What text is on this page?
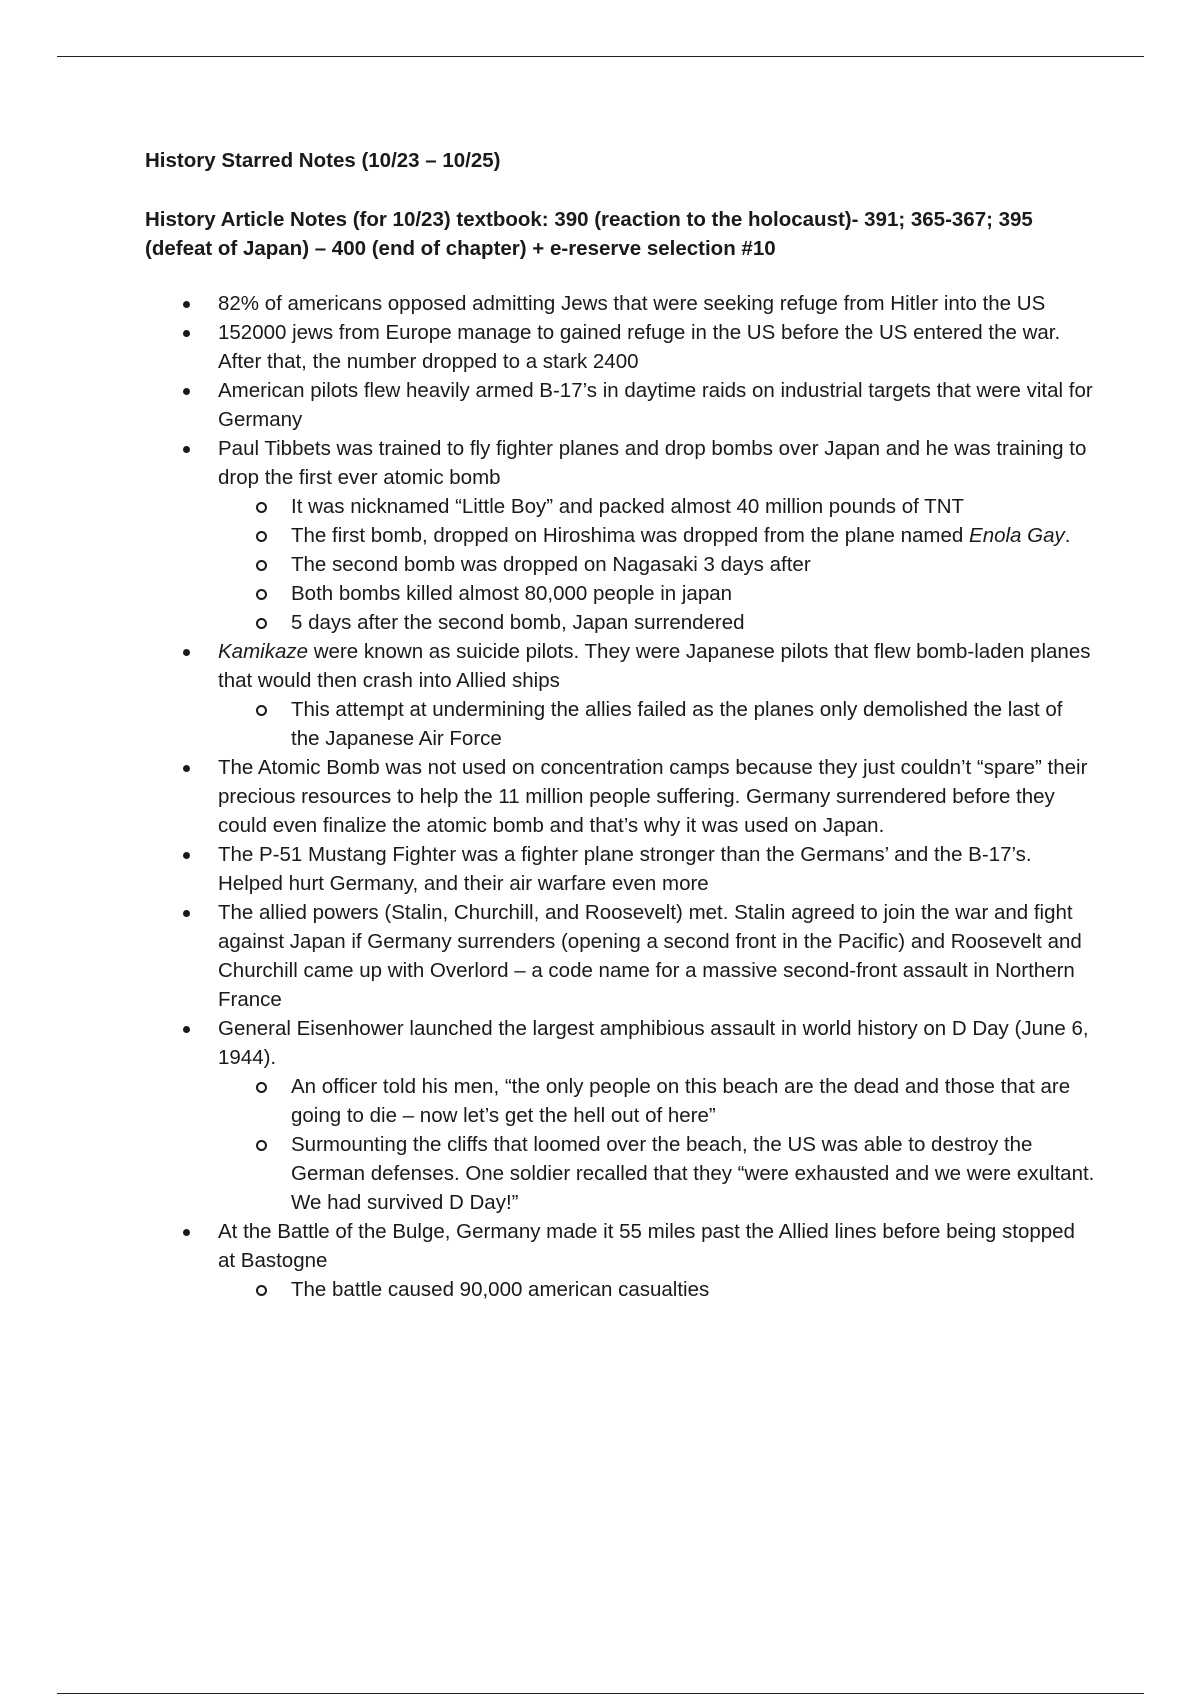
History Starred Notes (10/23 – 10/25)
History Article Notes (for 10/23) textbook: 390 (reaction to the holocaust)- 391; 365-367; 395 (defeat of Japan) – 400 (end of chapter) + e-reserve selection #10
82% of americans opposed admitting Jews that were seeking refuge from Hitler into the US
152000 jews from Europe manage to gained refuge in the US before the US entered the war. After that, the number dropped to a stark 2400
American pilots flew heavily armed B-17’s in daytime raids on industrial targets that were vital for Germany
Paul Tibbets was trained to fly fighter planes and drop bombs over Japan and he was training to drop the first ever atomic bomb
It was nicknamed “Little Boy” and packed almost 40 million pounds of TNT
The first bomb, dropped on Hiroshima was dropped from the plane named Enola Gay.
The second bomb was dropped on Nagasaki 3 days after
Both bombs killed almost 80,000 people in japan
5 days after the second bomb, Japan surrendered
Kamikaze were known as suicide pilots. They were Japanese pilots that flew bomb-laden planes that would then crash into Allied ships
This attempt at undermining the allies failed as the planes only demolished the last of the Japanese Air Force
The Atomic Bomb was not used on concentration camps because they just couldn’t “spare” their precious resources to help the 11 million people suffering. Germany surrendered before they could even finalize the atomic bomb and that’s why it was used on Japan.
The P-51 Mustang Fighter was a fighter plane stronger than the Germans’ and the B-17’s. Helped hurt Germany, and their air warfare even more
The allied powers (Stalin, Churchill, and Roosevelt) met. Stalin agreed to join the war and fight against Japan if Germany surrenders (opening a second front in the Pacific) and Roosevelt and Churchill came up with Overlord – a code name for a massive second-front assault in Northern France
General Eisenhower launched the largest amphibious assault in world history on D Day (June 6, 1944).
An officer told his men, “the only people on this beach are the dead and those that are going to die – now let’s get the hell out of here”
Surmounting the cliffs that loomed over the beach, the US was able to destroy the German defenses. One soldier recalled that they “were exhausted and we were exultant. We had survived D Day!”
At the Battle of the Bulge, Germany made it 55 miles past the Allied lines before being stopped at Bastogne
The battle caused 90,000 american casualties
